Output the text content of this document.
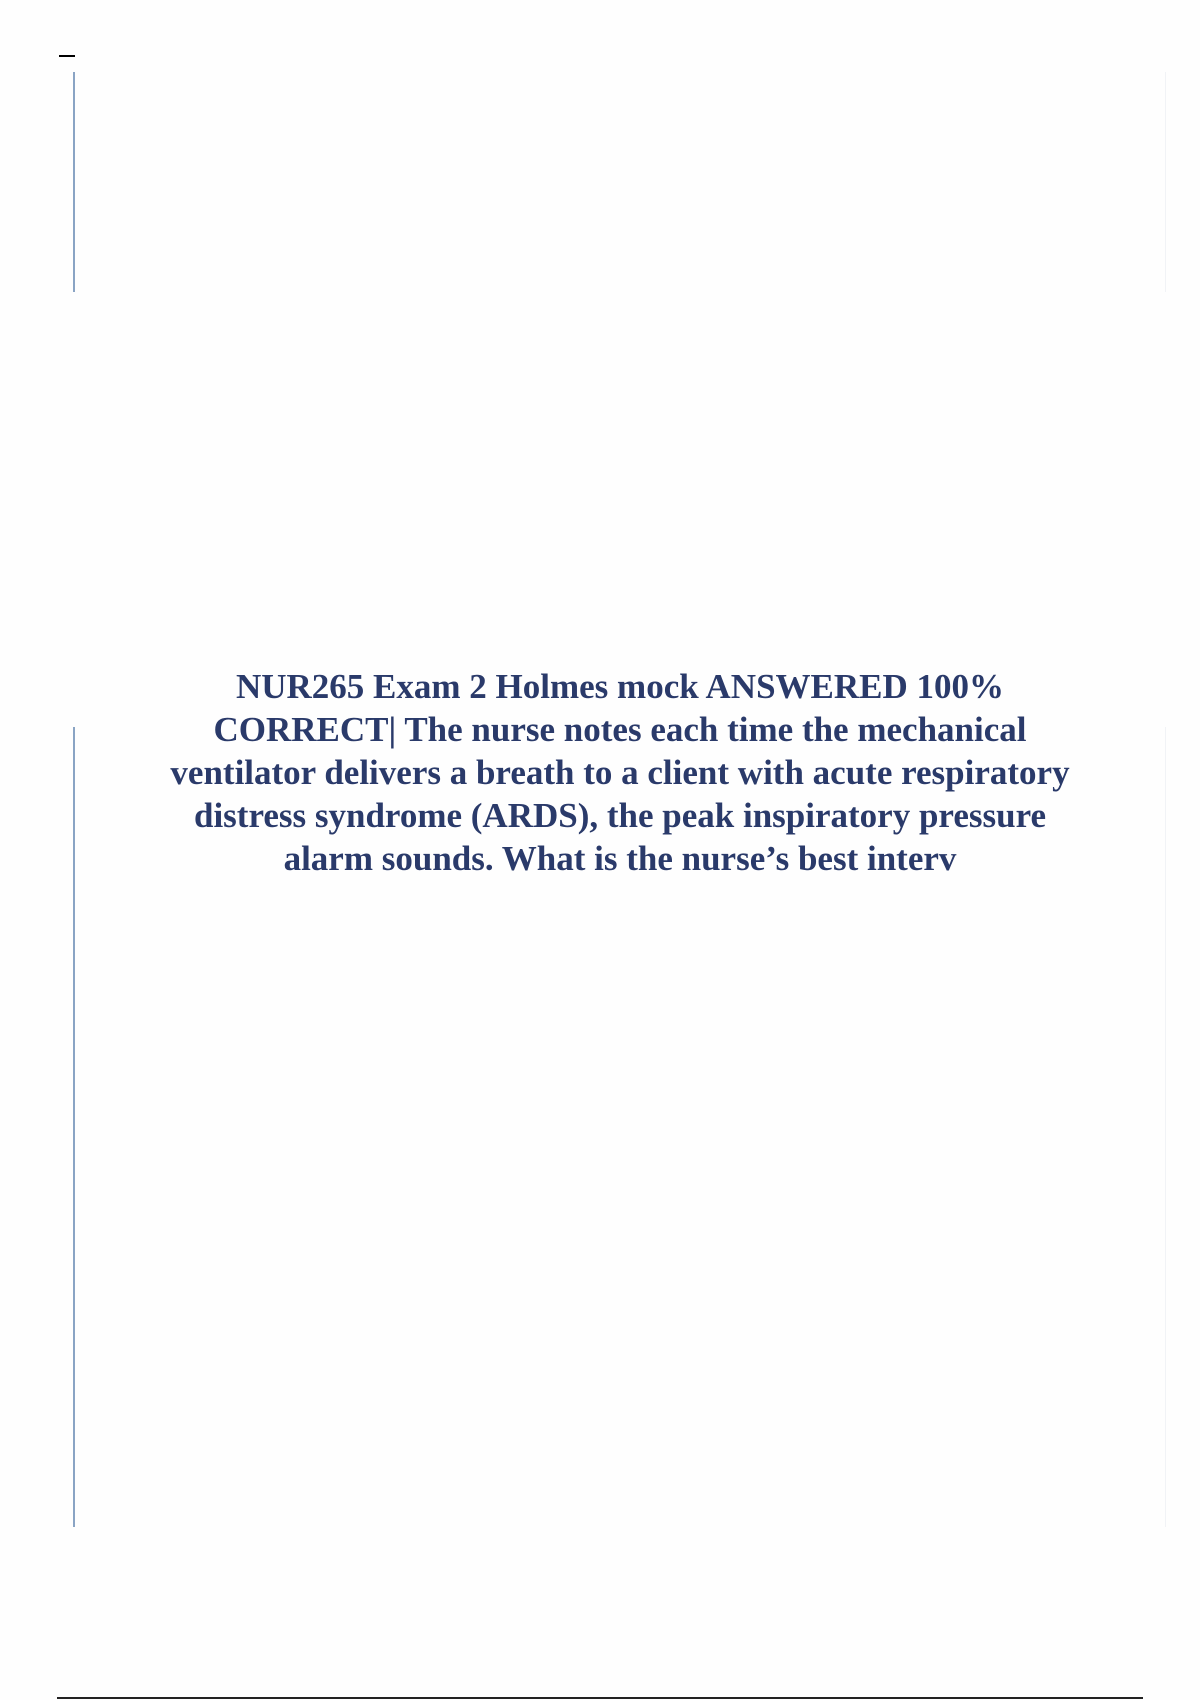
NUR265 Exam 2 Holmes mock ANSWERED 100% CORRECT| The nurse notes each time the mechanical ventilator delivers a breath to a client with acute respiratory distress syndrome (ARDS), the peak inspiratory pressure alarm sounds. What is the nurse’s best interv
